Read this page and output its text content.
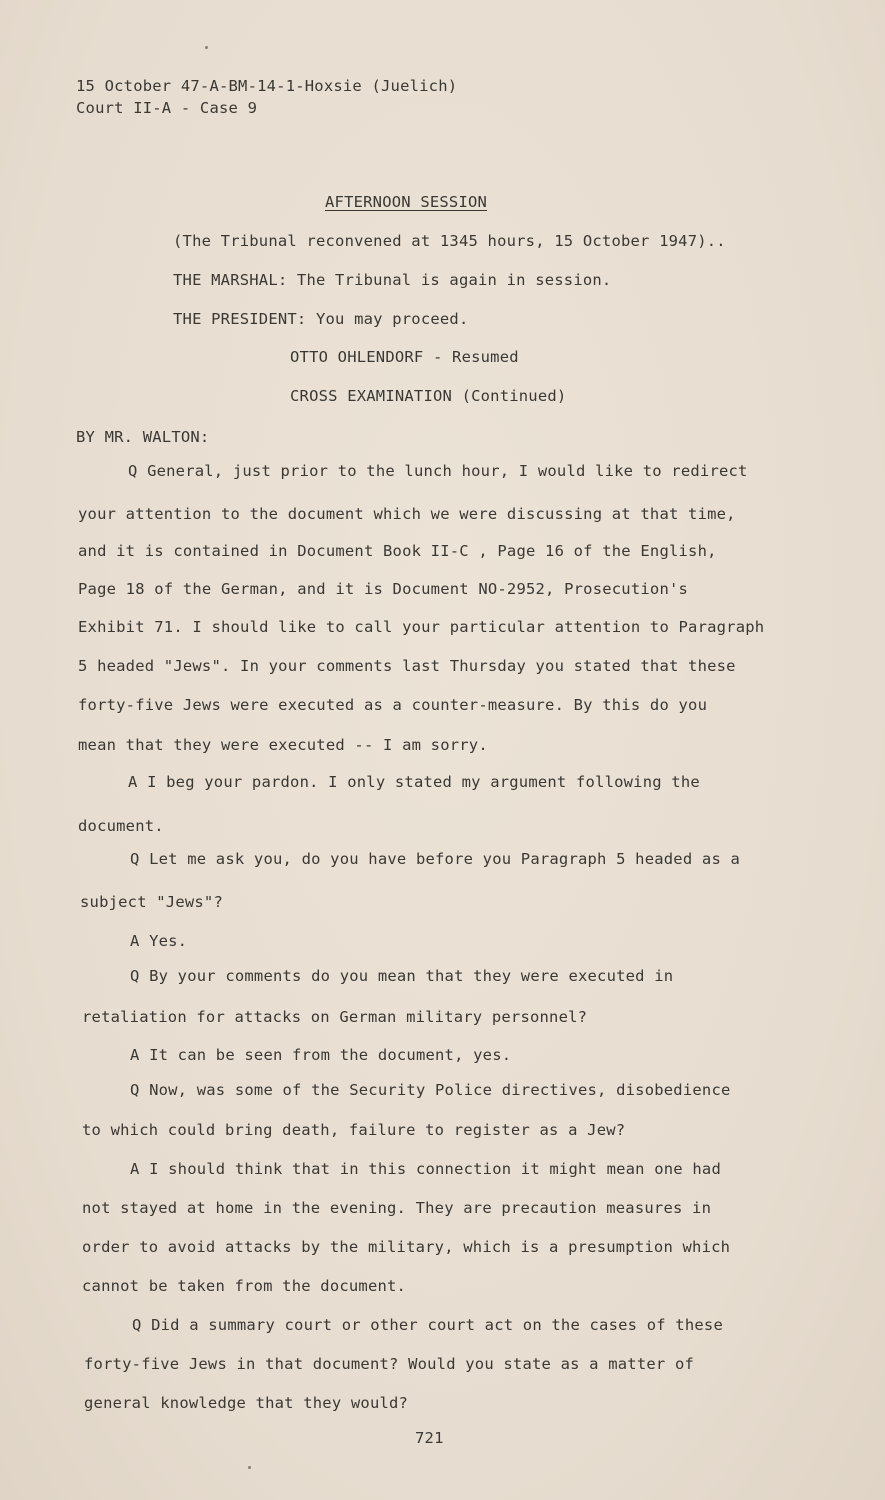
15 October 47-A-BM-14-1-Hoxsie (Juelich)
Court II-A - Case 9
AFTERNOON SESSION
(The Tribunal reconvened at 1345 hours, 15 October 1947)..
THE MARSHAL: The Tribunal is again in session.
THE PRESIDENT: You may proceed.
OTTO OHLENDORF - Resumed
CROSS EXAMINATION (Continued)
BY MR. WALTON:
Q General, just prior to the lunch hour, I would like to redirect
your attention to the document which we were discussing at that time,
and it is contained in Document Book II-C , Page 16 of the English,
Page 18 of the German, and it is Document NO-2952, Prosecution's
Exhibit 71. I should like to call your particular attention to Paragraph
5 headed "Jews". In your comments last Thursday you stated that these
forty-five Jews were executed as a counter-measure. By this do you
mean that they were executed -- I am sorry.
A I beg your pardon. I only stated my argument following the
document.
Q Let me ask you, do you have before you Paragraph 5 headed as a
subject "Jews"?
A Yes.
Q By your comments do you mean that they were executed in
retaliation for attacks on German military personnel?
A It can be seen from the document, yes.
Q Now, was some of the Security Police directives, disobedience
to which could bring death, failure to register as a Jew?
A I should think that in this connection it might mean one had
not stayed at home in the evening. They are precaution measures in
order to avoid attacks by the military, which is a presumption which
cannot be taken from the document.
Q Did a summary court or other court act on the cases of these
forty-five Jews in that document? Would you state as a matter of
general knowledge that they would?
721
